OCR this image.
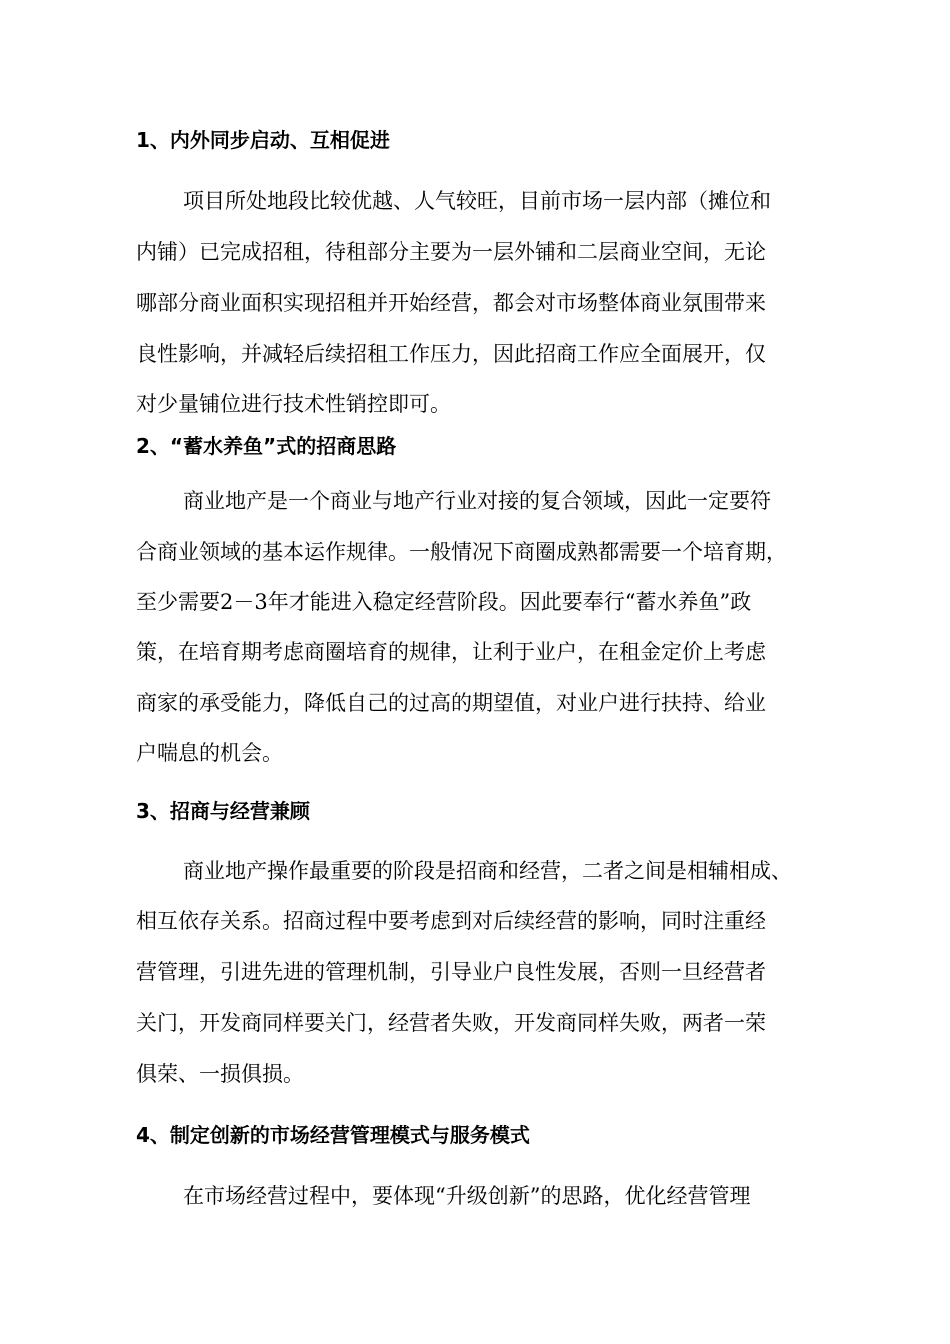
1、内外同步启动、互相促进
项目所处地段比较优越、人气较旺，目前市场一层内部（摊位和
内铺）已完成招租，待租部分主要为一层外铺和二层商业空间，无论
哪部分商业面积实现招租并开始经营，都会对市场整体商业氛围带来
良性影响，并减轻后续招租工作压力，因此招商工作应全面展开，仅
对少量铺位进行技术性销控即可。
2、“蓄水养鱼”式的招商思路
商业地产是一个商业与地产行业对接的复合领域，因此一定要符
合商业领域的基本运作规律。一般情况下商圈成熟都需要一个培育期，
至少需要2－3年才能进入稳定经营阶段。因此要奉行“蓄水养鱼”政
策，在培育期考虑商圈培育的规律，让利于业户，在租金定价上考虑
商家的承受能力，降低自己的过高的期望值，对业户进行扶持、给业
户喘息的机会。
3、招商与经营兼顾
商业地产操作最重要的阶段是招商和经营，二者之间是相辅相成、
相互依存关系。招商过程中要考虑到对后续经营的影响，同时注重经
营管理，引进先进的管理机制，引导业户良性发展，否则一旦经营者
关门，开发商同样要关门，经营者失败，开发商同样失败，两者一荣
俱荣、一损俱损。
4、制定创新的市场经营管理模式与服务模式
在市场经营过程中，要体现“升级创新”的思路，优化经营管理
